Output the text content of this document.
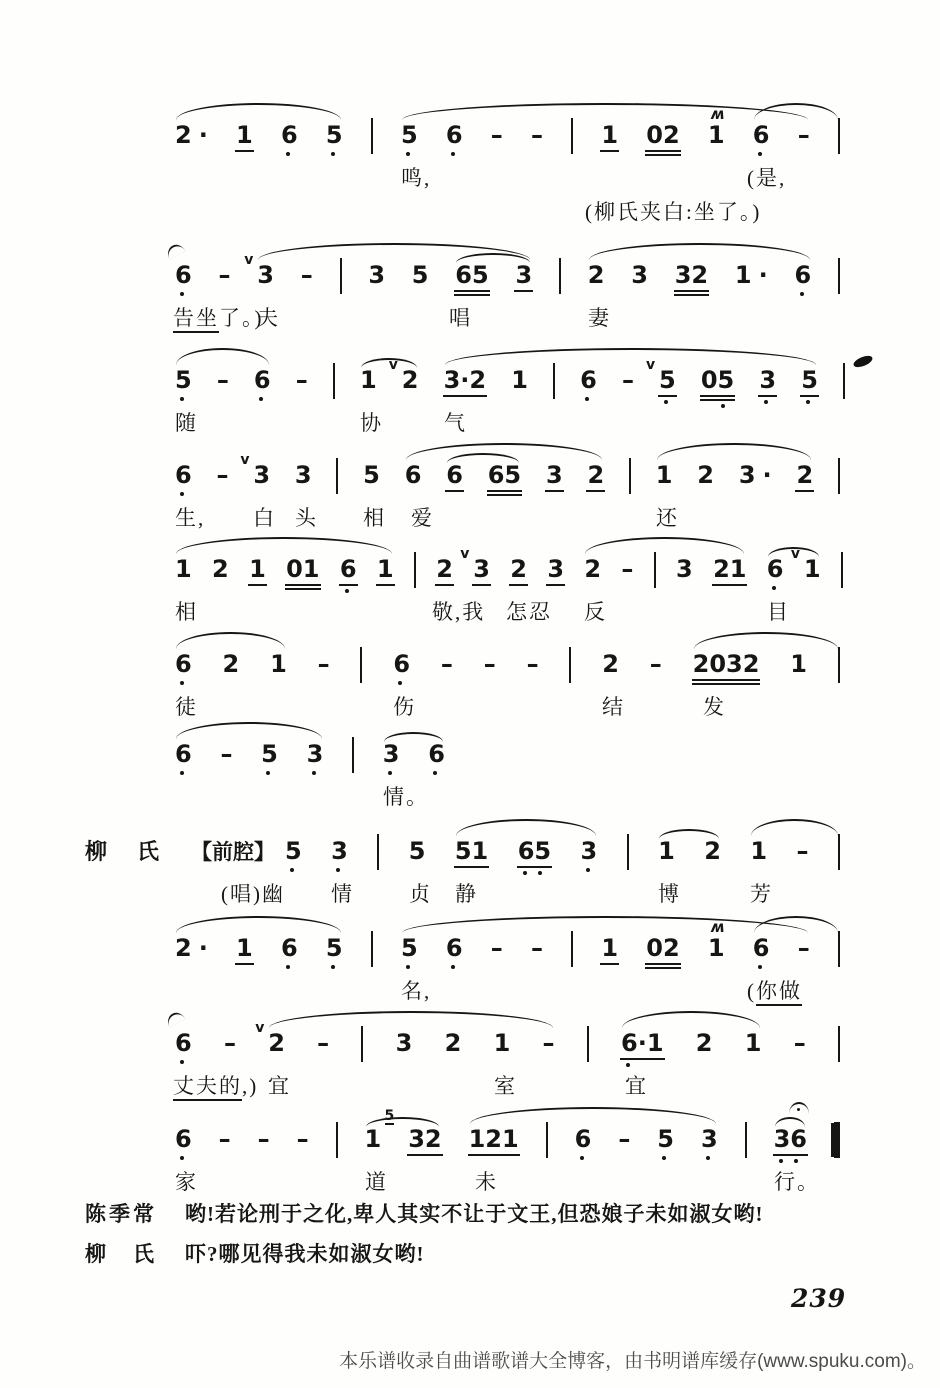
2 · 1 6 5 5 6 – – 1 02 1
ʍ
6 –
鸣,	(是,
(柳氏夹白:坐了。)
6 – 3
v
– 3 5 65 3 2 3 32 1 · 6
告坐了。)
夫	唱	妻
5 – 6 – 1 2
v
3·2 1 6 – 5
v
05 3 5
随	协	气
6 – 3
v
3 5 6 6 65 3 2 1 2 3 · 2
生, 白 头 相 爱	还
1 2 1 01 6 1 2 3
v
2 3 2 – 3 21 6 1
v
相	敬,我 怎忍 反	目
6 2 1 –	6 – – –	2 – 2032 1
徒	伤	结	发
6 – 5 3 3 6
情。
柳　氏	【前腔】 5 3	5 51 65 3	1 2 1 –
(唱)幽 情	贞 静	博	芳
2 · 1 6 5 5 6 – – 1 02 1
ʍ
6 –
名,	(你做
6 – 2
v
–	3 2 1 –	6·1 2 1 –
丈夫的,) 宜	室	宜
6 – – – 1
5
32 121 6 – 5 3 36
家	道	未	行。
陈季常	哟!若论刑于之化,卑人其实不让于文王,但恐娘子未如淑女哟!
柳　氏	吓?哪见得我未如淑女哟!
239
本乐谱收录自曲谱歌谱大全博客，由书明谱库缓存(www.spuku.com)。
